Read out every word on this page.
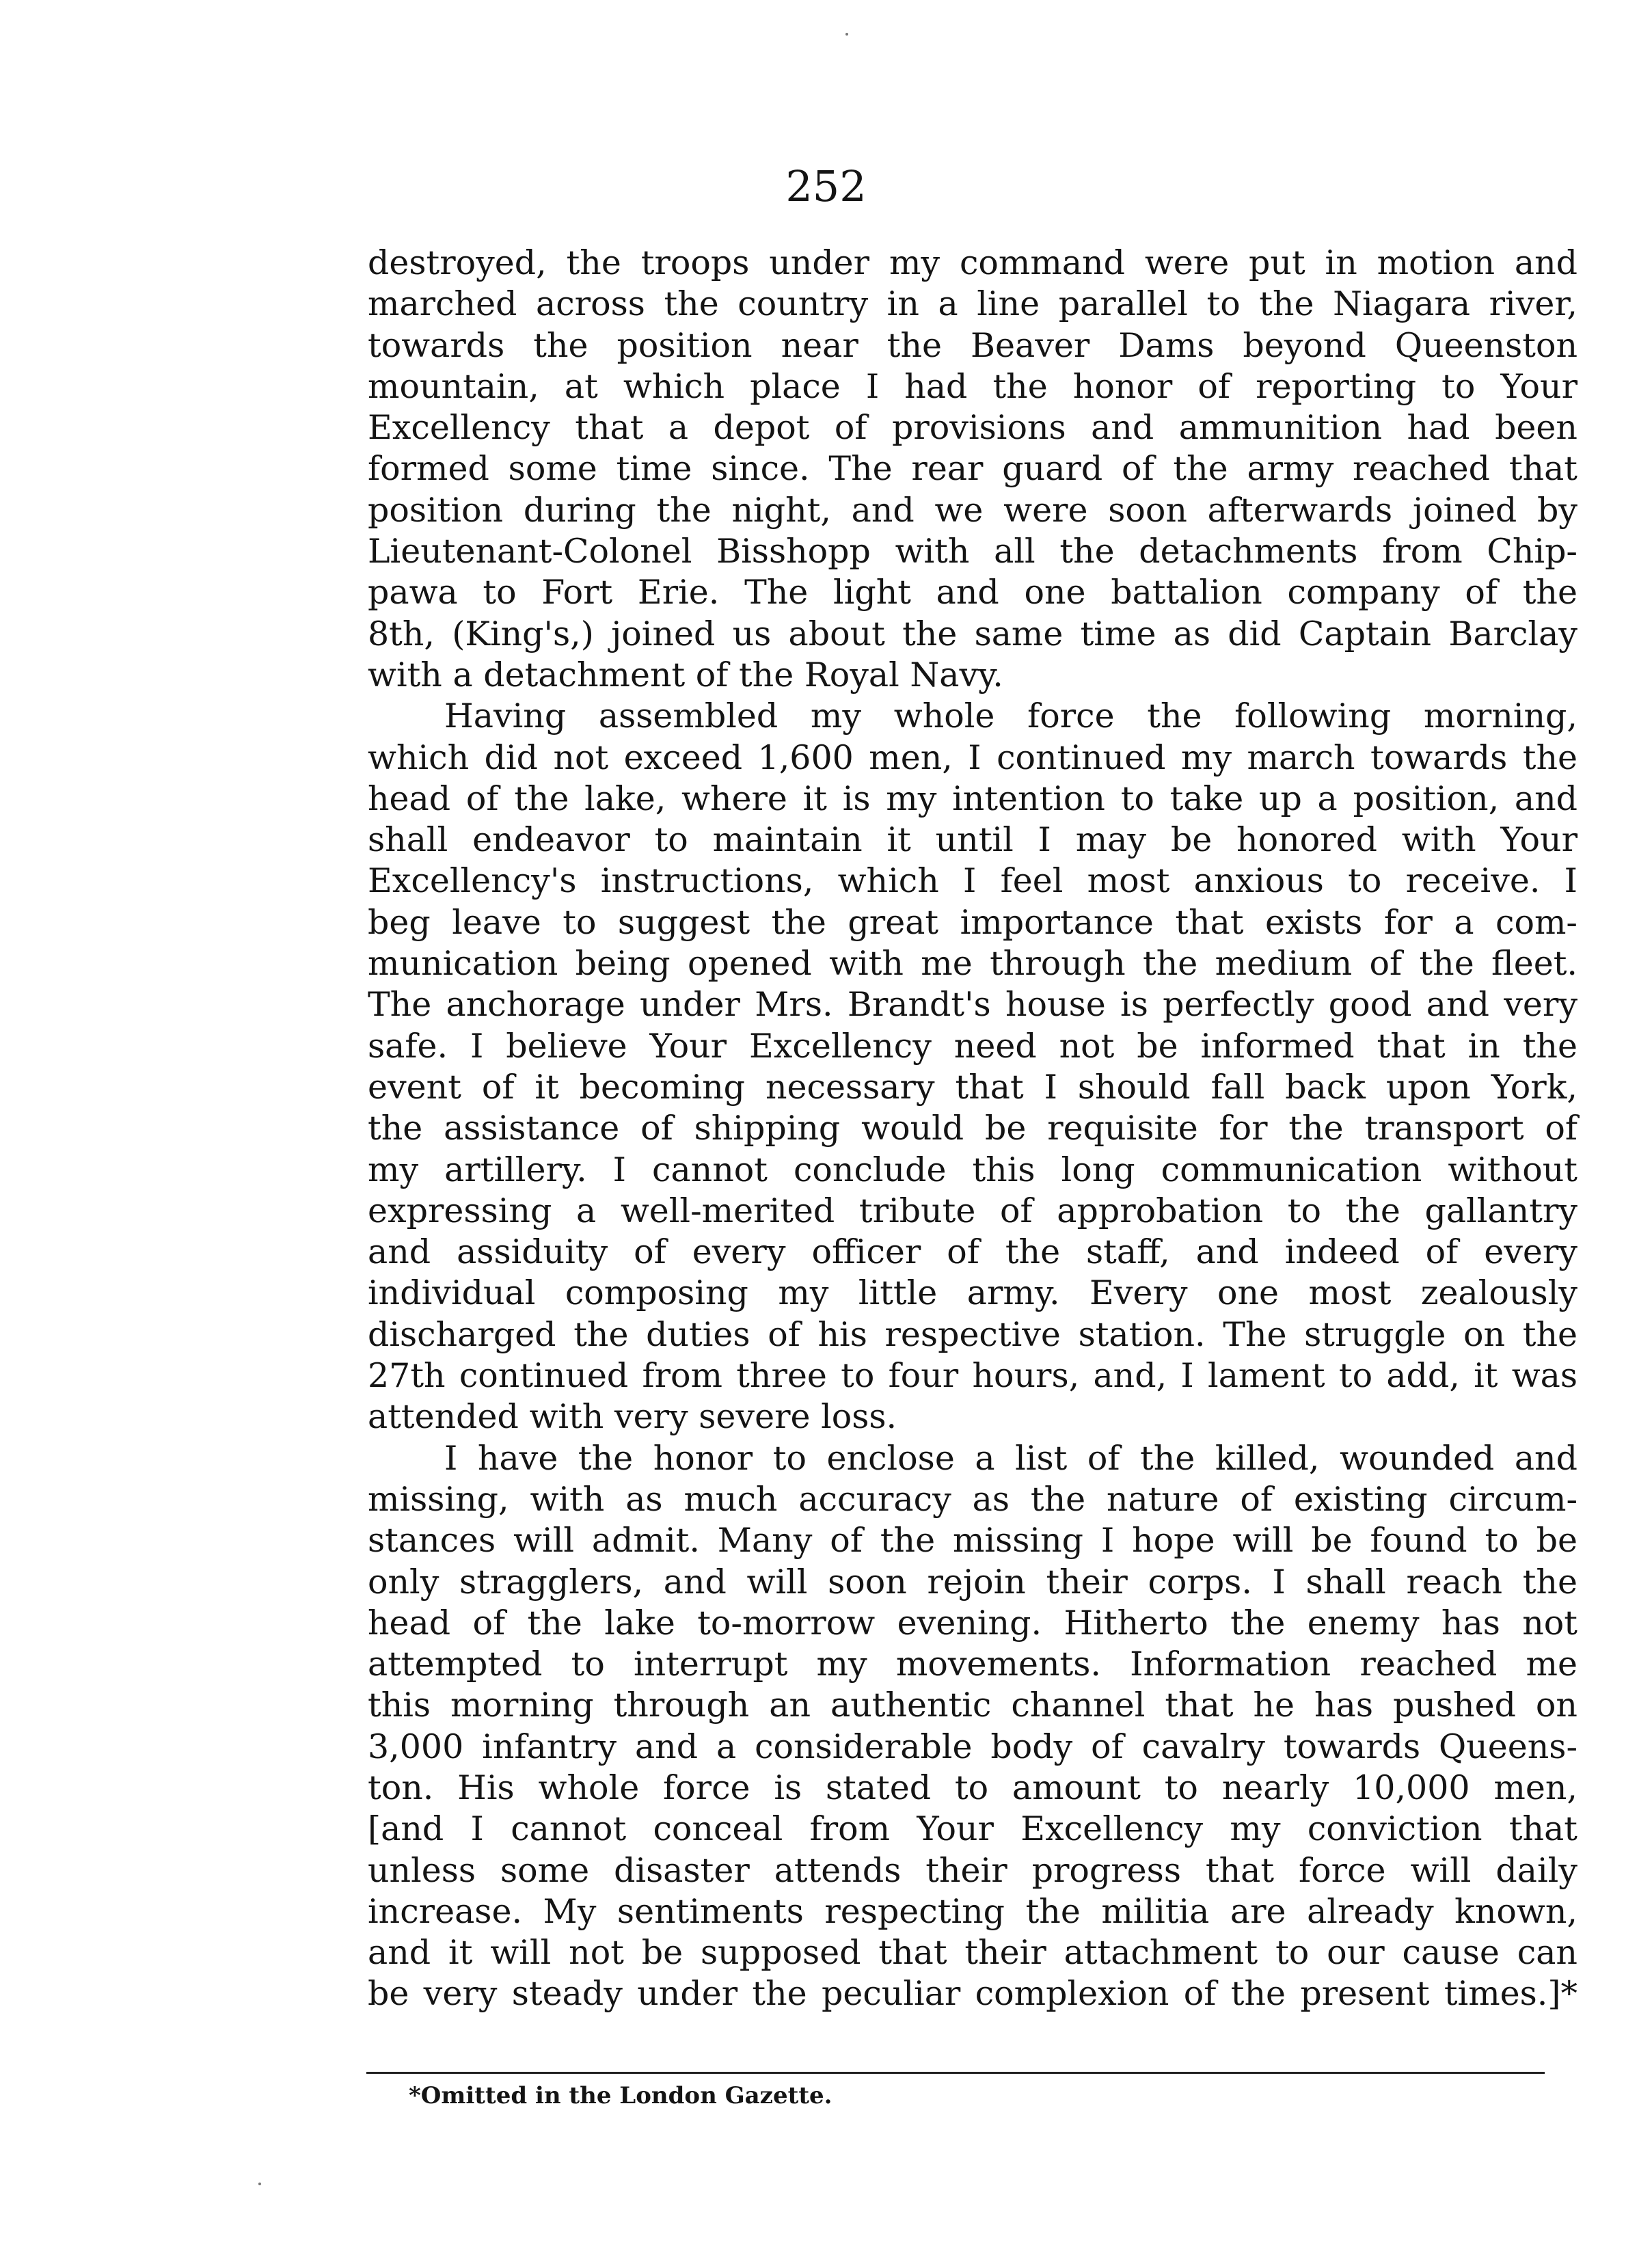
252
destroyed, the troops under my command were put in motion and
marched across the country in a line parallel to the Niagara river,
towards the position near the Beaver Dams beyond Queenston
mountain, at which place I had the honor of reporting to Your
Excellency that a depot of provisions and ammunition had been
formed some time since. The rear guard of the army reached that
position during the night, and we were soon afterwards joined by
Lieutenant-Colonel Bisshopp with all the detachments from Chip-
pawa to Fort Erie. The light and one battalion company of the
8th, (King's,) joined us about the same time as did Captain Barclay
with a detachment of the Royal Navy.
Having assembled my whole force the following morning,
which did not exceed 1,600 men, I continued my march towards the
head of the lake, where it is my intention to take up a position, and
shall endeavor to maintain it until I may be honored with Your
Excellency's instructions, which I feel most anxious to receive. I
beg leave to suggest the great importance that exists for a com-
munication being opened with me through the medium of the fleet.
The anchorage under Mrs. Brandt's house is perfectly good and very
safe. I believe Your Excellency need not be informed that in the
event of it becoming necessary that I should fall back upon York,
the assistance of shipping would be requisite for the transport of
my artillery. I cannot conclude this long communication without
expressing a well-merited tribute of approbation to the gallantry
and assiduity of every officer of the staff, and indeed of every
individual composing my little army. Every one most zealously
discharged the duties of his respective station. The struggle on the
27th continued from three to four hours, and, I lament to add, it was
attended with very severe loss.
I have the honor to enclose a list of the killed, wounded and
missing, with as much accuracy as the nature of existing circum-
stances will admit. Many of the missing I hope will be found to be
only stragglers, and will soon rejoin their corps. I shall reach the
head of the lake to-morrow evening. Hitherto the enemy has not
attempted to interrupt my movements. Information reached me
this morning through an authentic channel that he has pushed on
3,000 infantry and a considerable body of cavalry towards Queens-
ton. His whole force is stated to amount to nearly 10,000 men,
[and I cannot conceal from Your Excellency my conviction that
unless some disaster attends their progress that force will daily
increase. My sentiments respecting the militia are already known,
and it will not be supposed that their attachment to our cause can
be very steady under the peculiar complexion of the present times.]*
*Omitted in the London Gazette.
